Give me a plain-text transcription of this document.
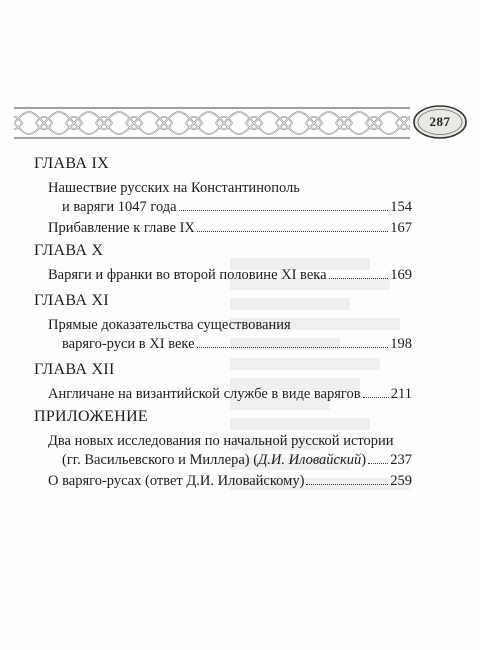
287
ГЛАВА IX
Нашествие русских на Константинополь
и варяги 1047 года	154
Прибавление к главе IX	167
ГЛАВА X
Варяги и франки во второй половине XI века	169
ГЛАВА XI
Прямые доказательства существования
варяго-руси в XI веке	198
ГЛАВА XII
Англичане на византийской службе в виде варягов 211
ПРИЛОЖЕНИЕ
Два новых исследования по начальной русской истории
(гг. Васильевского и Миллера) ( Д.И. Иловайский ) 237
О варяго-русах (ответ Д.И. Иловайскому)	259
